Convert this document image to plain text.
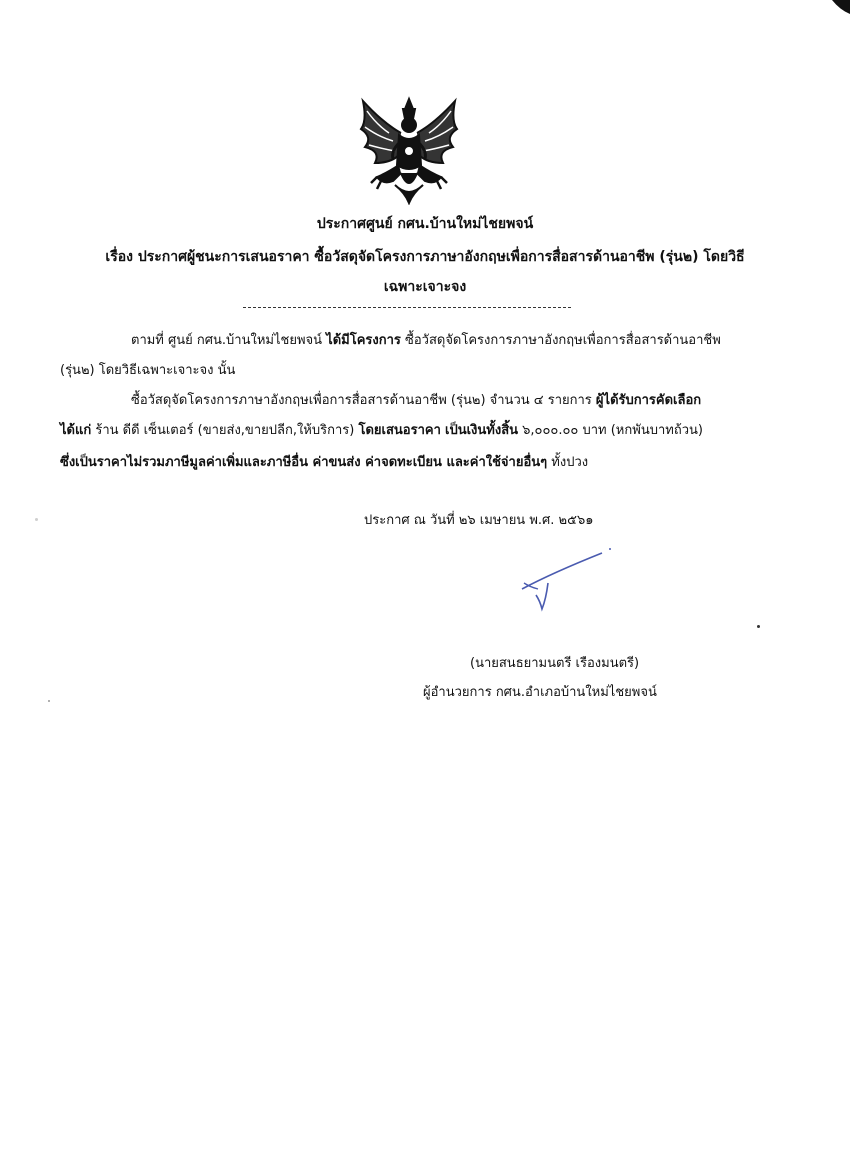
ประกาศศูนย์ กศน.บ้านใหม่ไชยพจน์
เรื่อง ประกาศผู้ชนะการเสนอราคา ซื้อวัสดุจัดโครงการภาษาอังกฤษเพื่อการสื่อสารด้านอาชีพ (รุ่น๒) โดยวิธี
เฉพาะเจาะจง
ตามที่ ศูนย์ กศน.บ้านใหม่ไชยพจน์ ได้มีโครงการ ซื้อวัสดุจัดโครงการภาษาอังกฤษเพื่อการสื่อสารด้านอาชีพ
(รุ่น๒) โดยวิธีเฉพาะเจาะจง นั้น
ซื้อวัสดุจัดโครงการภาษาอังกฤษเพื่อการสื่อสารด้านอาชีพ (รุ่น๒) จำนวน ๔ รายการ ผู้ได้รับการคัดเลือก
ได้แก่ ร้าน ดีดี เซ็นเตอร์ (ขายส่ง,ขายปลีก,ให้บริการ) โดยเสนอราคา เป็นเงินทั้งสิ้น ๖,๐๐๐.๐๐ บาท (หกพันบาทถ้วน)
ซึ่งเป็นราคาไม่รวมภาษีมูลค่าเพิ่มและภาษีอื่น ค่าขนส่ง ค่าจดทะเบียน และค่าใช้จ่ายอื่นๆ ทั้งปวง
ประกาศ ณ วันที่ ๒๖ เมษายน พ.ศ. ๒๕๖๑
(นายสนธยามนตรี เรืองมนตรี)
ผู้อำนวยการ กศน.อำเภอบ้านใหม่ไชยพจน์
